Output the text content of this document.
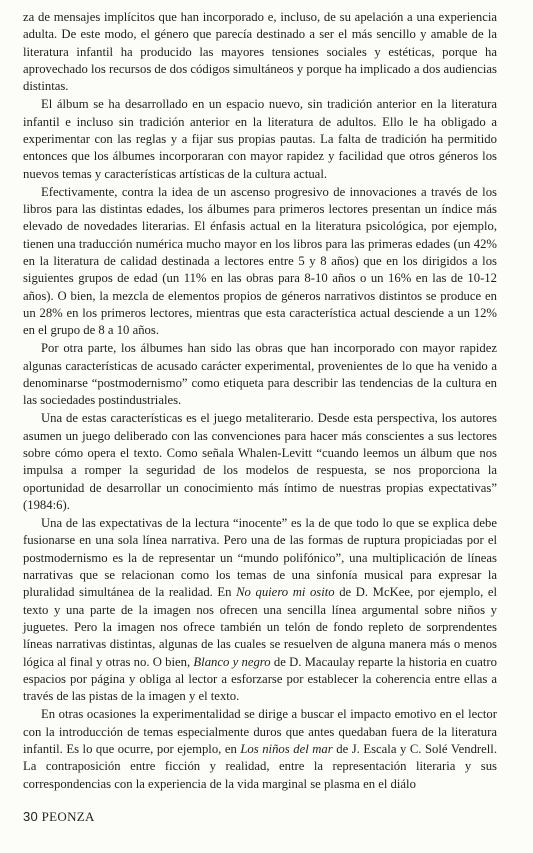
za de mensajes implícitos que han incorporado e, incluso, de su apelación a una experiencia adulta. De este modo, el género que parecía destinado a ser el más sencillo y amable de la literatura infantil ha producido las mayores tensiones sociales y estéticas, porque ha aprovechado los recursos de dos códigos simultáneos y porque ha implicado a dos audiencias distintas.

El álbum se ha desarrollado en un espacio nuevo, sin tradición anterior en la literatura infantil e incluso sin tradición anterior en la literatura de adultos. Ello le ha obligado a experimentar con las reglas y a fijar sus propias pautas. La falta de tradición ha permitido entonces que los álbumes incorporaran con mayor rapidez y facilidad que otros géneros los nuevos temas y características artísticas de la cultura actual.

Efectivamente, contra la idea de un ascenso progresivo de innovaciones a través de los libros para las distintas edades, los álbumes para primeros lectores presentan un índice más elevado de novedades literarias. El énfasis actual en la literatura psicológica, por ejemplo, tienen una traducción numérica mucho mayor en los libros para las primeras edades (un 42% en la literatura de calidad destinada a lectores entre 5 y 8 años) que en los dirigidos a los siguientes grupos de edad (un 11% en las obras para 8-10 años o un 16% en las de 10-12 años). O bien, la mezcla de elementos propios de géneros narrativos distintos se produce en un 28% en los primeros lectores, mientras que esta característica actual desciende a un 12% en el grupo de 8 a 10 años.

Por otra parte, los álbumes han sido las obras que han incorporado con mayor rapidez algunas características de acusado carácter experimental, provenientes de lo que ha venido a denominarse “postmodernismo” como etiqueta para describir las tendencias de la cultura en las sociedades postindustriales.

Una de estas características es el juego metaliterario. Desde esta perspectiva, los autores asumen un juego deliberado con las convenciones para hacer más conscientes a sus lectores sobre cómo opera el texto. Como señala Whalen-Levitt “cuando leemos un álbum que nos impulsa a romper la seguridad de los modelos de respuesta, se nos proporciona la oportunidad de desarrollar un conocimiento más íntimo de nuestras propias expectativas” (1984:6).

Una de las expectativas de la lectura “inocente” es la de que todo lo que se explica debe fusionarse en una sola línea narrativa. Pero una de las formas de ruptura propiciadas por el postmodernismo es la de representar un “mundo polifónico”, una multiplicación de líneas narrativas que se relacionan como los temas de una sinfonía musical para expresar la pluralidad simultánea de la realidad. En No quiero mi osito de D. McKee, por ejemplo, el texto y una parte de la imagen nos ofrecen una sencilla línea argumental sobre niños y juguetes. Pero la imagen nos ofrece también un telón de fondo repleto de sorprendentes líneas narrativas distintas, algunas de las cuales se resuelven de alguna manera más o menos lógica al final y otras no. O bien, Blanco y negro de D. Macaulay reparte la historia en cuatro espacios por página y obliga al lector a esforzarse por establecer la coherencia entre ellas a través de las pistas de la imagen y el texto.

En otras ocasiones la experimentalidad se dirige a buscar el impacto emotivo en el lector con la introducción de temas especialmente duros que antes quedaban fuera de la literatura infantil. Es lo que ocurre, por ejemplo, en Los niños del mar de J. Escala y C. Solé Vendrell. La contraposición entre ficción y realidad, entre la representación literaria y sus correspondencias con la experiencia de la vida marginal se plasma en el diálo

30 PEONZA
